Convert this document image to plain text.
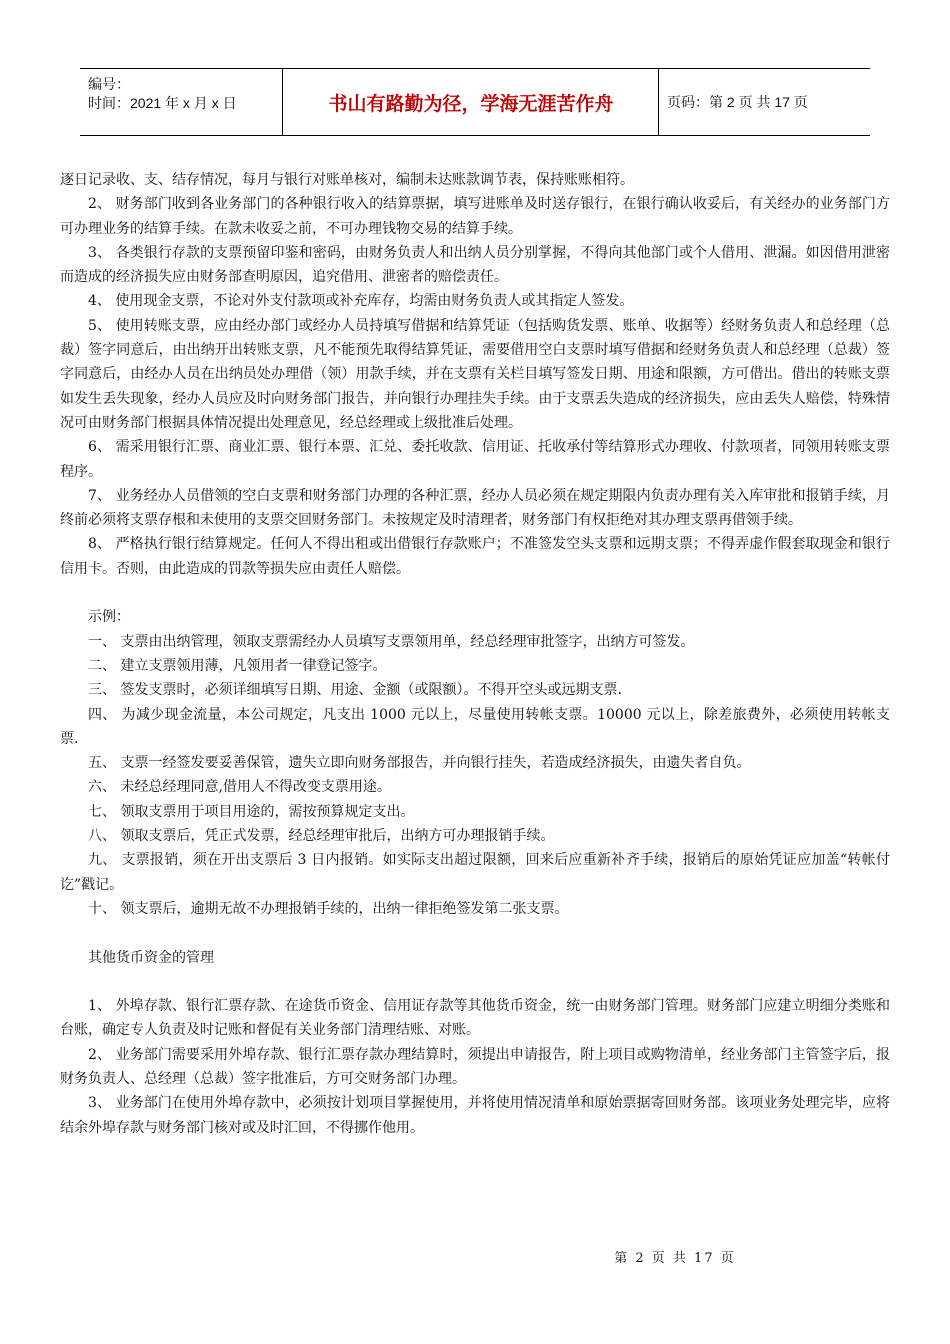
编号：
时间：2021 年 x 月 x 日	书山有路勤为径，学海无涯苦作舟	页码：第 2 页 共 17 页

逐日记录收、支、结存情况，每月与银行对账单核对，编制未达账款调节表，保持账账相符。

2、 财务部门收到各业务部门的各种银行收入的结算票据，填写进账单及时送存银行，在银行确认收妥后，有关经办的业务部门方可办理业务的结算手续。在款未收妥之前，不可办理钱物交易的结算手续。

3、 各类银行存款的支票预留印鉴和密码，由财务负责人和出纳人员分别掌握，不得向其他部门或个人借用、泄漏。如因借用泄密而造成的经济损失应由财务部查明原因，追究借用、泄密者的赔偿责任。

4、 使用现金支票，不论对外支付款项或补充库存，均需由财务负责人或其指定人签发。

5、 使用转账支票，应由经办部门或经办人员持填写借据和结算凭证（包括购货发票、账单、收据等）经财务负责人和总经理（总裁）签字同意后，由出纳开出转账支票，凡不能预先取得结算凭证，需要借用空白支票时填写借据和经财务负责人和总经理（总裁）签字同意后，由经办人员在出纳员处办理借（领）用款手续，并在支票有关栏目填写签发日期、用途和限额，方可借出。借出的转账支票如发生丢失现象，经办人员应及时向财务部门报告，并向银行办理挂失手续。由于支票丢失造成的经济损失，应由丢失人赔偿，特殊情况可由财务部门根据具体情况提出处理意见，经总经理或上级批准后处理。

6、 需采用银行汇票、商业汇票、银行本票、汇兑、委托收款、信用证、托收承付等结算形式办理收、付款项者，同领用转账支票程序。

7、 业务经办人员借领的空白支票和财务部门办理的各种汇票，经办人员必须在规定期限内负责办理有关入库审批和报销手续，月终前必须将支票存根和未使用的支票交回财务部门。未按规定及时清理者，财务部门有权拒绝对其办理支票再借领手续。

8、 严格执行银行结算规定。任何人不得出租或出借银行存款账户；不准签发空头支票和远期支票；不得弄虚作假套取现金和银行信用卡。否则，由此造成的罚款等损失应由责任人赔偿。

示例：

一、 支票由出纳管理，领取支票需经办人员填写支票领用单，经总经理审批签字，出纳方可签发。

二、 建立支票领用薄，凡领用者一律登记签字。

三、 签发支票时，必须详细填写日期、用途、金额（或限额）。不得开空头或远期支票.

四、 为减少现金流量，本公司规定，凡支出 1000 元以上，尽量使用转帐支票。10000 元以上，除差旅费外，必须使用转帐支票.

五、 支票一经签发要妥善保管，遗失立即向财务部报告，并向银行挂失，若造成经济损失，由遗失者自负。

六、 未经总经理同意,借用人不得改变支票用途。

七、 领取支票用于项目用途的，需按预算规定支出。

八、 领取支票后，凭正式发票，经总经理审批后，出纳方可办理报销手续。

九、 支票报销，须在开出支票后 3 日内报销。如实际支出超过限额，回来后应重新补齐手续，报销后的原始凭证应加盖“转帐付讫”戳记。

十、 领支票后，逾期无故不办理报销手续的，出纳一律拒绝签发第二张支票。

其他货币资金的管理

1、 外埠存款、银行汇票存款、在途货币资金、信用证存款等其他货币资金，统一由财务部门管理。财务部门应建立明细分类账和台账，确定专人负责及时记账和督促有关业务部门清理结账、对账。

2、 业务部门需要采用外埠存款、银行汇票存款办理结算时，须提出申请报告，附上项目或购物清单，经业务部门主管签字后，报财务负责人、总经理（总裁）签字批准后，方可交财务部门办理。

3、 业务部门在使用外埠存款中，必须按计划项目掌握使用，并将使用情况清单和原始票据寄回财务部。该项业务处理完毕，应将结余外埠存款与财务部门核对或及时汇回，不得挪作他用。

第 2 页 共 17 页
